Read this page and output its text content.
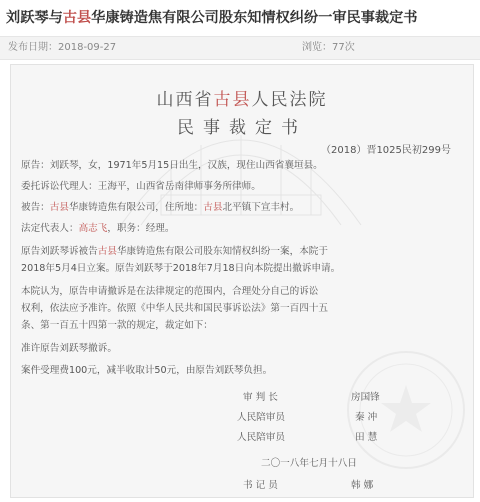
刘跃琴与古县华康铸造焦有限公司股东知情权纠纷一审民事裁定书
发布日期：2018-09-27	浏览：77次
山西省古县人民法院
民事裁定书
（2018）晋1025民初299号
原告：刘跃琴，女，1971年5月15日出生，汉族，现住山西省襄垣县。
委托诉讼代理人：王海平，山西省岳南律师事务所律师。
被告：古县华康铸造焦有限公司，住所地：古县北平镇下宣丰村。
法定代表人：高志飞，职务：经理。
原告刘跃琴诉被告古县华康铸造焦有限公司股东知情权纠纷一案，本院于
2018年5月4日立案。原告刘跃琴于2018年7月18日向本院提出撤诉申请。
本院认为，原告申请撤诉是在法律规定的范围内，合理处分自己的诉讼
权利，依法应予准许。依照《中华人民共和国民事诉讼法》第一百四十五
条、第一百五十四第一款的规定，裁定如下：
准许原告刘跃琴撤诉。
案件受理费100元，减半收取计50元，由原告刘跃琴负担。
审 判 长	房国锋
人民陪审员	秦 冲
人民陪审员	田 慧
二〇一八年七月十八日
书 记 员	韩 娜
